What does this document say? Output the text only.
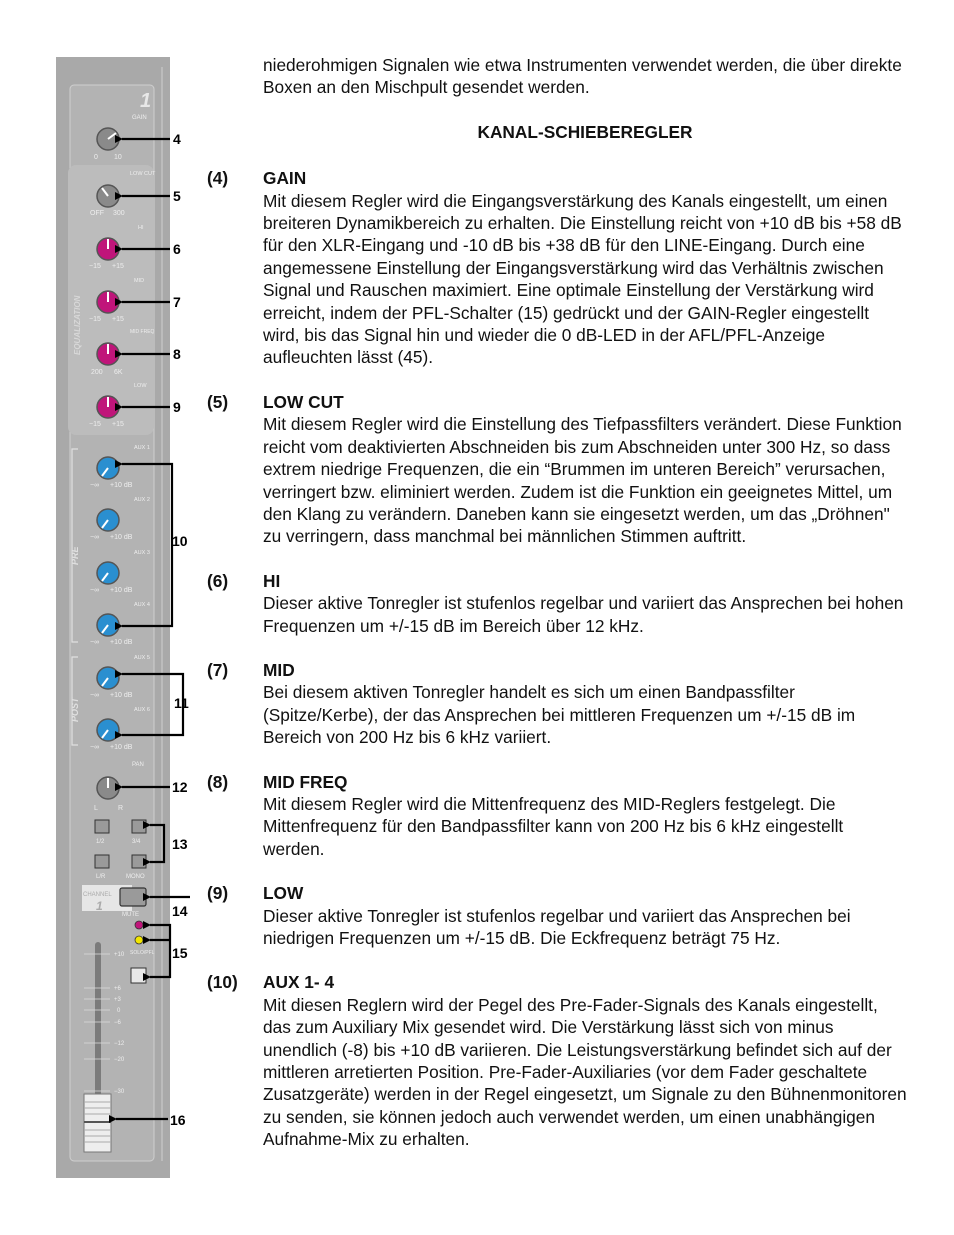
1
GAIN
0 10
LOW CUT
OFF 300
HI
−15 +15
MID
−15 +15
MID FREQ
200 6K
LOW
−15 +15
EQUALIZATION
PRE
POST
AUX 1
−∞ +10 dB
AUX 2
−∞ +10 dB
AUX 3
−∞ +10 dB
AUX 4
−∞ +10 dB
AUX 5
−∞ +10 dB
AUX 6
−∞ +10 dB
PAN
L	R
1/2	3/4
L/R	MONO
CHANNEL
1
MUTE
SOLO/PFL
+10
+6
+3
0
−6
−12
−20
−30
4
5
6
7
8
9
10
11
12
13
14
15
16

niederohmigen Signalen wie etwa Instrumenten verwendet werden, die über direkte Boxen an den Mischpult gesendet werden.

KANAL-SCHIEBEREGLER
(4) GAIN
Mit diesem Regler wird die Eingangsverstärkung des Kanals eingestellt, um einen breiteren Dynamikbereich zu erhalten. Die Einstellung reicht von +10 dB bis +58 dB für den XLR-Eingang und -10 dB bis +38 dB für den LINE-Eingang. Durch eine angemessene Einstellung der Eingangsverstärkung wird das Verhältnis zwischen Signal und Rauschen maximiert. Eine optimale Einstellung der Verstärkung wird erreicht, indem der PFL-Schalter (15) gedrückt und der GAIN-Regler eingestellt wird, bis das Signal hin und wieder die 0 dB-LED in der AFL/PFL-Anzeige aufleuchten lässt (45).
(5) LOW CUT
Mit diesem Regler wird die Einstellung des Tiefpassfilters verändert. Diese Funktion reicht vom deaktivierten Abschneiden bis zum Abschneiden unter 300 Hz, so dass extrem niedrige Frequenzen, die ein “Brummen im unteren Bereich” verursachen, verringert bzw. eliminiert werden. Zudem ist die Funktion ein geeignetes Mittel, um den Klang zu verändern. Daneben kann sie eingesetzt werden, um das „Dröhnen" zu verringern, dass manchmal bei männlichen Stimmen auftritt.
(6) HI
Dieser aktive Tonregler ist stufenlos regelbar und variiert das Ansprechen bei hohen Frequenzen um +/-15 dB im Bereich über 12 kHz.
(7) MID
Bei diesem aktiven Tonregler handelt es sich um einen Bandpassfilter (Spitze/Kerbe), der das Ansprechen bei mittleren Frequenzen um +/-15 dB im Bereich von 200 Hz bis 6 kHz variiert.
(8) MID FREQ
Mit diesem Regler wird die Mittenfrequenz des MID-Reglers festgelegt. Die Mittenfrequenz für den Bandpassfilter kann von 200 Hz bis 6 kHz eingestellt werden.
(9) LOW
Dieser aktive Tonregler ist stufenlos regelbar und variiert das Ansprechen bei niedrigen Frequenzen um +/-15 dB. Die Eckfrequenz beträgt 75 Hz.
(10) AUX 1- 4
Mit diesen Reglern wird der Pegel des Pre-Fader-Signals des Kanals eingestellt, das zum Auxiliary Mix gesendet wird. Die Verstärkung lässt sich von minus unendlich (-8) bis +10 dB variieren. Die Leistungsverstärkung befindet sich auf der mittleren arretierten Position. Pre-Fader-Auxiliaries (vor dem Fader geschaltete Zusatzgeräte) werden in der Regel eingesetzt, um Signale zu den Bühnenmonitoren zu senden, sie können jedoch auch verwendet werden, um einen unabhängigen Aufnahme-Mix zu erhalten.
